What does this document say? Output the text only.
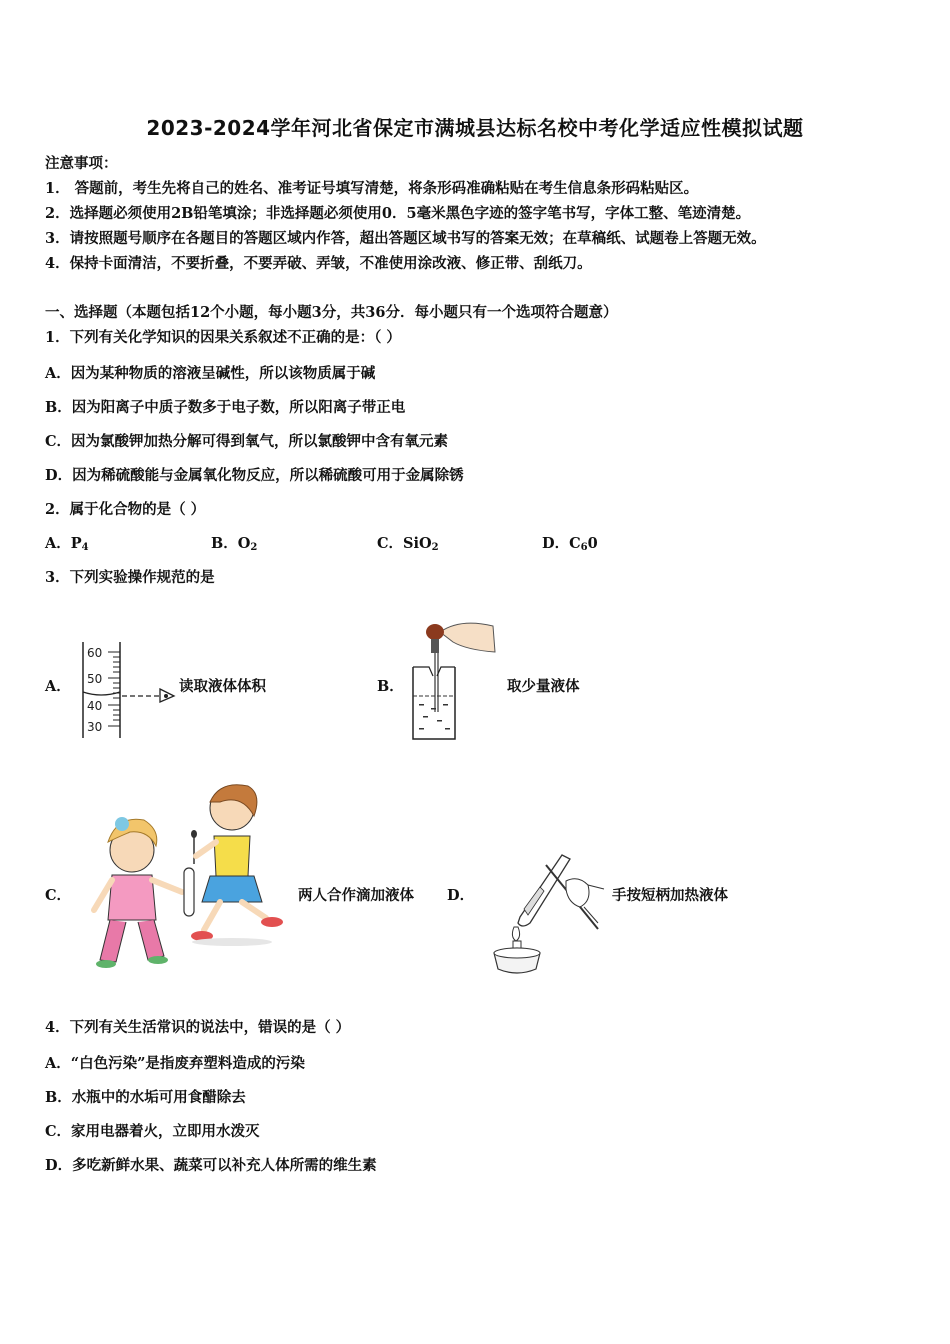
2023-2024学年河北省保定市满城县达标名校中考化学适应性模拟试题
注意事项：
1． 答题前，考生先将自己的姓名、准考证号填写清楚，将条形码准确粘贴在考生信息条形码粘贴区。
2．选择题必须使用2B铅笔填涂；非选择题必须使用0．5毫米黑色字迹的签字笔书写，字体工整、笔迹清楚。
3．请按照题号顺序在各题目的答题区域内作答，超出答题区域书写的答案无效；在草稿纸、试题卷上答题无效。
4．保持卡面清洁，不要折叠，不要弄破、弄皱，不准使用涂改液、修正带、刮纸刀。
一、选择题（本题包括12个小题，每小题3分，共36分．每小题只有一个选项符合题意）
1．下列有关化学知识的因果关系叙述不正确的是：（ ）
A．因为某种物质的溶液呈碱性，所以该物质属于碱
B．因为阳离子中质子数多于电子数，所以阳离子带正电
C．因为氯酸钾加热分解可得到氧气，所以氯酸钾中含有氧元素
D．因为稀硫酸能与金属氧化物反应，所以稀硫酸可用于金属除锈
2．属于化合物的是（ ）
A．$P_4$	B．$O_2$	C．SiO$_2$	D．$C_60$
3．下列实验操作规范的是
A．
60
50
40
30
读取液体体积	B．	取少量液体
C．	两人合作滴加液体 D．	手按短柄加热液体
4．下列有关生活常识的说法中，错误的是（ ）
A．“白色污染”是指废弃塑料造成的污染
B．水瓶中的水垢可用食醋除去
C．家用电器着火，立即用水泼灭
D．多吃新鲜水果、蔬菜可以补充人体所需的维生素
